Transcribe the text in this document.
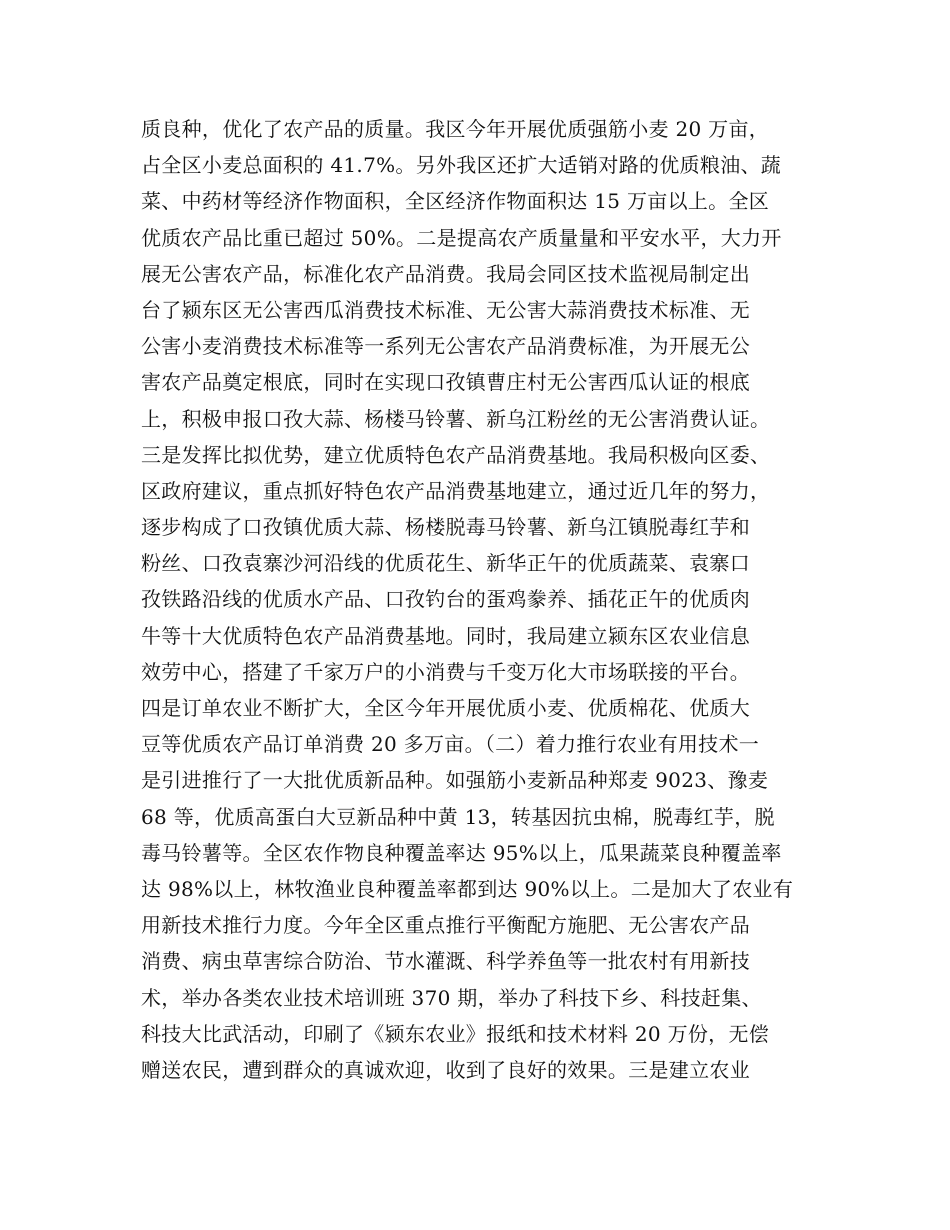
质良种，优化了农产品的质量。我区今年开展优质强筋小麦 20 万亩，
占全区小麦总面积的 41.7%。另外我区还扩大适销对路的优质粮油、蔬
菜、中药材等经济作物面积，全区经济作物面积达 15 万亩以上。全区
优质农产品比重已超过 50%。二是提高农产质量量和平安水平，大力开
展无公害农产品，标准化农产品消费。我局会同区技术监视局制定出
台了颍东区无公害西瓜消费技术标准、无公害大蒜消费技术标准、无
公害小麦消费技术标准等一系列无公害农产品消费标准，为开展无公
害农产品奠定根底，同时在实现口孜镇曹庄村无公害西瓜认证的根底
上，积极申报口孜大蒜、杨楼马铃薯、新乌江粉丝的无公害消费认证。
三是发挥比拟优势，建立优质特色农产品消费基地。我局积极向区委、
区政府建议，重点抓好特色农产品消费基地建立，通过近几年的努力，
逐步构成了口孜镇优质大蒜、杨楼脱毒马铃薯、新乌江镇脱毒红芋和
粉丝、口孜袁寨沙河沿线的优质花生、新华正午的优质蔬菜、袁寨口
孜铁路沿线的优质水产品、口孜钓台的蛋鸡豢养、插花正午的优质肉
牛等十大优质特色农产品消费基地。同时，我局建立颍东区农业信息
效劳中心，搭建了千家万户的小消费与千变万化大市场联接的平台。
四是订单农业不断扩大，全区今年开展优质小麦、优质棉花、优质大
豆等优质农产品订单消费 20 多万亩。（二）着力推行农业有用技术一
是引进推行了一大批优质新品种。如强筋小麦新品种郑麦 9023、豫麦
68 等，优质高蛋白大豆新品种中黄 13，转基因抗虫棉，脱毒红芋，脱
毒马铃薯等。全区农作物良种覆盖率达 95%以上，瓜果蔬菜良种覆盖率
达 98%以上，林牧渔业良种覆盖率都到达 90%以上。二是加大了农业有
用新技术推行力度。今年全区重点推行平衡配方施肥、无公害农产品
消费、病虫草害综合防治、节水灌溉、科学养鱼等一批农村有用新技
术，举办各类农业技术培训班 370 期，举办了科技下乡、科技赶集、
科技大比武活动，印刷了《颍东农业》报纸和技术材料 20 万份，无偿
赠送农民，遭到群众的真诚欢迎，收到了良好的效果。三是建立农业
